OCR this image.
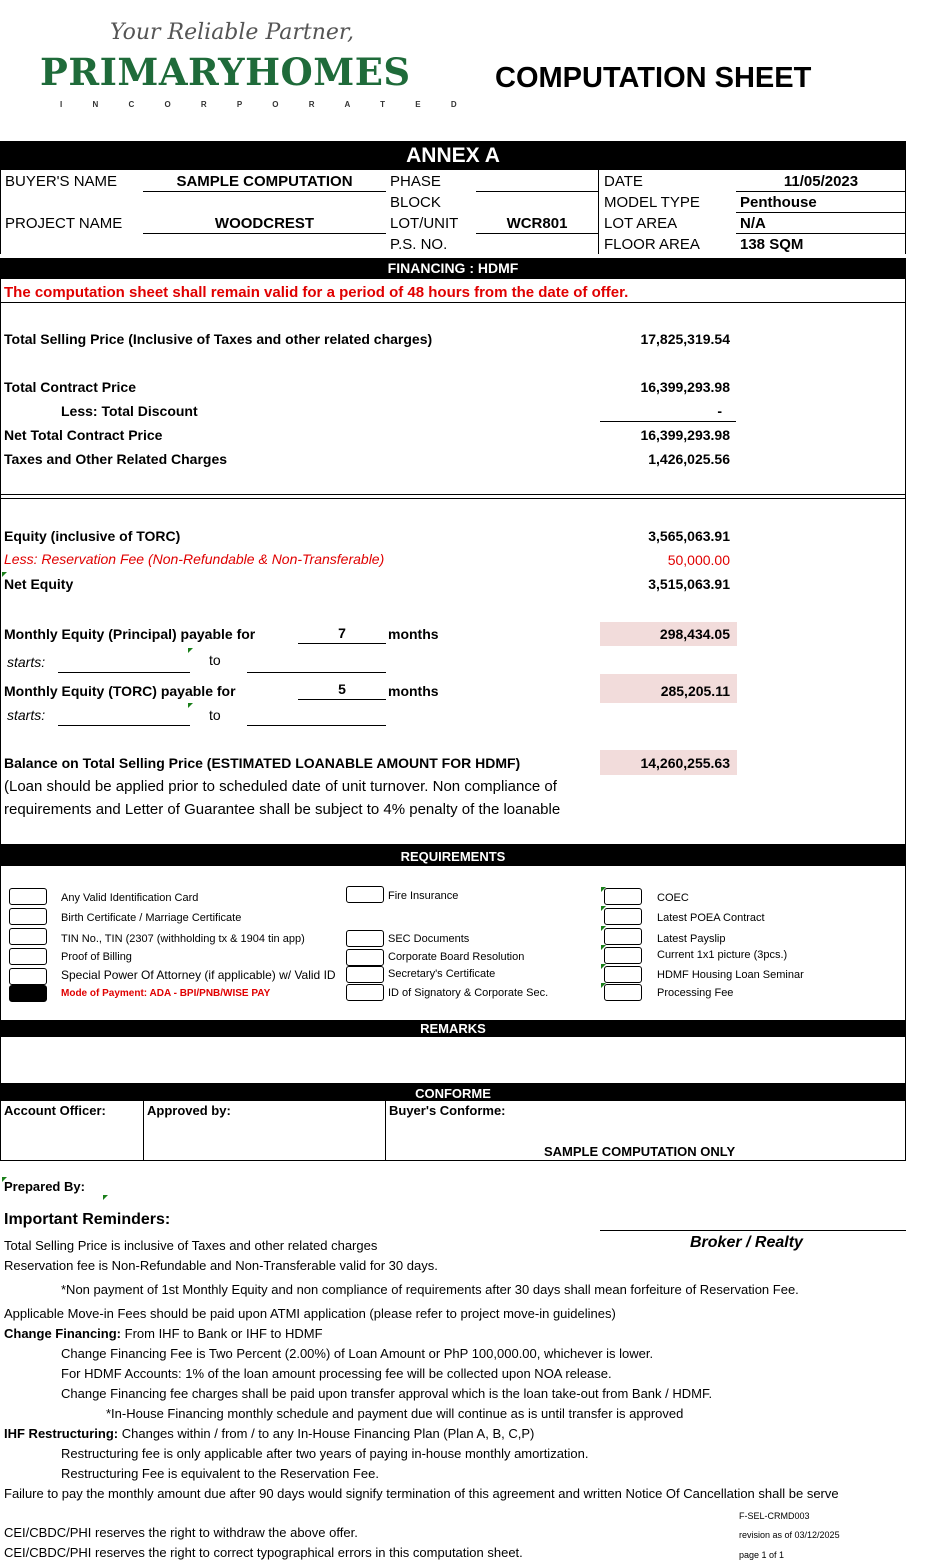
Your Reliable Partner,
PRIMARYHOMES
I N C O R P O R A T E D
COMPUTATION SHEET
ANNEX A
BUYER'S NAME	SAMPLE COMPUTATION
PROJECT NAME	WOODCREST
PHASE
BLOCK
LOT/UNIT	WCR801
P.S. NO.
DATE	11/05/2023
MODEL TYPE	Penthouse
LOT AREA	N/A
FLOOR AREA	138 SQM
FINANCING : HDMF
The computation sheet shall remain valid for a period of 48 hours from the date of offer.
Total Selling Price (Inclusive of Taxes and other related charges)	17,825,319.54
Total Contract Price	16,399,293.98
Less: Total Discount	-
Net Total Contract Price	16,399,293.98
Taxes and Other Related Charges	1,426,025.56
Equity (inclusive of TORC)	3,565,063.91
Less: Reservation Fee (Non-Refundable & Non-Transferable)	50,000.00
Net Equity	3,515,063.91
Monthly Equity (Principal) payable for	7	months	298,434.05
starts:	to
Monthly Equity (TORC) payable for	5	months	285,205.11
starts:	to
Balance on Total Selling Price (ESTIMATED LOANABLE AMOUNT FOR HDMF)	14,260,255.63
(Loan should be applied prior to scheduled date of unit turnover. Non compliance of
requirements and Letter of Guarantee shall be subject to 4% penalty of the loanable
REQUIREMENTS
Any Valid Identification Card
Birth Certificate / Marriage Certificate
TIN No., TIN (2307 (withholding tx & 1904 tin app)
Proof of Billing
Special Power Of Attorney (if applicable) w/ Valid ID
Mode of Payment: ADA - BPI/PNB/WISE PAY
Fire Insurance
SEC Documents
Corporate Board Resolution
Secretary's Certificate
ID of Signatory & Corporate Sec.
COEC
Latest POEA Contract
Latest Payslip
Current 1x1 picture (3pcs.)
HDMF Housing Loan Seminar
Processing Fee
REMARKS
CONFORME
Account Officer:	Approved by:	Buyer's Conforme:
SAMPLE COMPUTATION ONLY
Prepared By:
Important Reminders:
Broker / Realty
Total Selling Price is inclusive of Taxes and other related charges
Reservation fee is Non-Refundable and Non-Transferable valid for 30 days.
*Non payment of 1st Monthly Equity and non compliance of requirements after 30 days shall mean forfeiture of Reservation Fee.
Applicable Move-in Fees should be paid upon ATMI application (please refer to project move-in guidelines)
Change Financing: From IHF to Bank or IHF to HDMF
Change Financing Fee is Two Percent (2.00%) of Loan Amount or PhP 100,000.00, whichever is lower.
For HDMF Accounts: 1% of the loan amount processing fee will be collected upon NOA release.
Change Financing fee charges shall be paid upon transfer approval which is the loan take-out from Bank / HDMF.
*In-House Financing monthly schedule and payment due will continue as is until transfer is approved
IHF Restructuring: Changes within / from / to any In-House Financing Plan (Plan A, B, C,P)
Restructuring fee is only applicable after two years of paying in-house monthly amortization.
Restructuring Fee is equivalent to the Reservation Fee.
Failure to pay the monthly amount due after 90 days would signify termination of this agreement and written Notice Of Cancellation shall be serve
F-SEL-CRMD003
revision as of 03/12/2025
page 1 of 1
CEI/CBDC/PHI reserves the right to withdraw the above offer.
CEI/CBDC/PHI reserves the right to correct typographical errors in this computation sheet.
